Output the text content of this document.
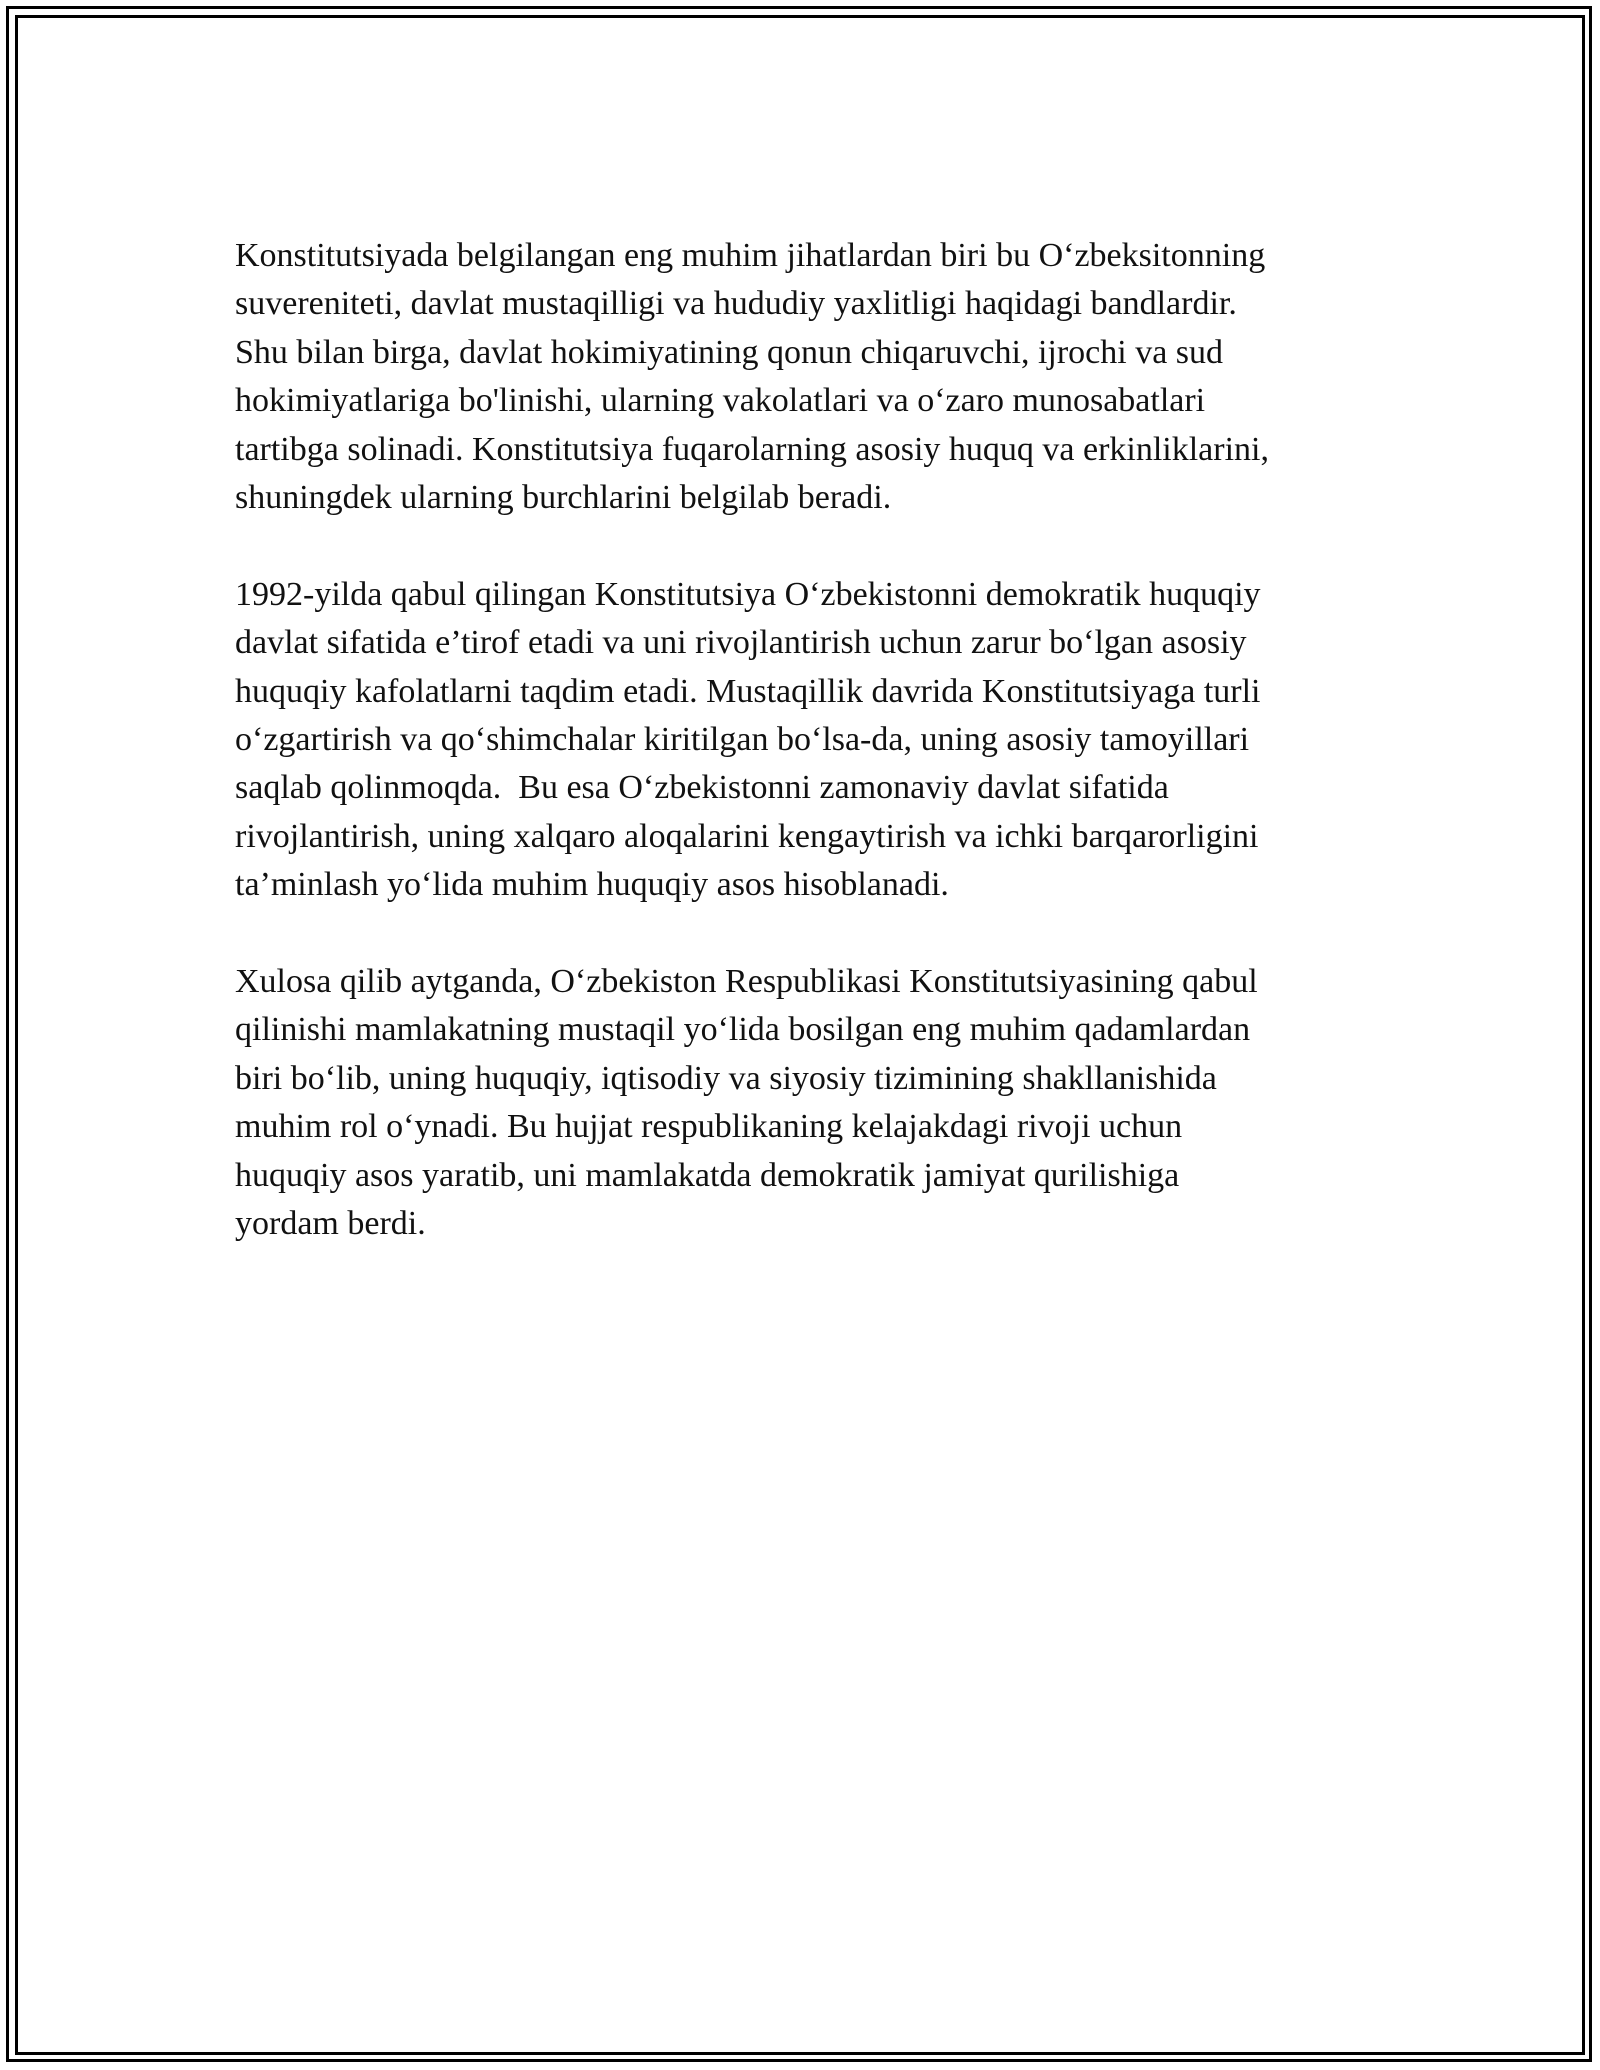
Konstitutsiyada belgilangan eng muhim jihatlardan biri bu O‘zbeksitonning
suvereniteti, davlat mustaqilligi va hududiy yaxlitligi haqidagi bandlardir.
Shu bilan birga, davlat hokimiyatining qonun chiqaruvchi, ijrochi va sud
hokimiyatlariga bo'linishi, ularning vakolatlari va o‘zaro munosabatlari
tartibga solinadi. Konstitutsiya fuqarolarning asosiy huquq va erkinliklarini,
shuningdek ularning burchlarini belgilab beradi.

1992-yilda qabul qilingan Konstitutsiya O‘zbekistonni demokratik huquqiy
davlat sifatida e’tirof etadi va uni rivojlantirish uchun zarur bo‘lgan asosiy
huquqiy kafolatlarni taqdim etadi. Mustaqillik davrida Konstitutsiyaga turli
o‘zgartirish va qo‘shimchalar kiritilgan bo‘lsa-da, uning asosiy tamoyillari
saqlab qolinmoqda.  Bu esa O‘zbekistonni zamonaviy davlat sifatida
rivojlantirish, uning xalqaro aloqalarini kengaytirish va ichki barqarorligini
ta’minlash yo‘lida muhim huquqiy asos hisoblanadi.

Xulosa qilib aytganda, O‘zbekiston Respublikasi Konstitutsiyasining qabul
qilinishi mamlakatning mustaqil yo‘lida bosilgan eng muhim qadamlardan
biri bo‘lib, uning huquqiy, iqtisodiy va siyosiy tizimining shakllanishida
muhim rol o‘ynadi. Bu hujjat respublikaning kelajakdagi rivoji uchun
huquqiy asos yaratib, uni mamlakatda demokratik jamiyat qurilishiga
yordam berdi.
